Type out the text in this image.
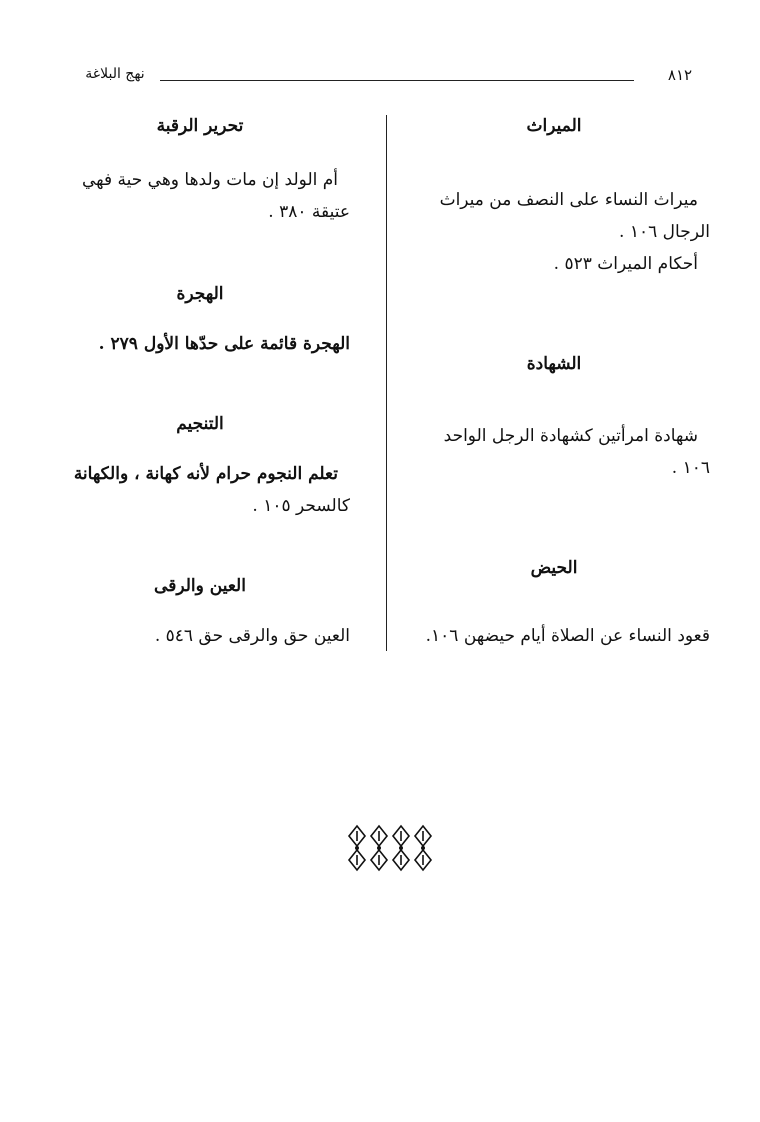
٨١٢
نهج البلاغة
الميراث
ميراث النساء على النصف من ميراث
الرجال ١٠٦ .
أحكام الميراث ٥٢٣ .
الشهادة
شهادة امرأتين كشهادة الرجل الواحد
١٠٦ .
الحيض
قعود النساء عن الصلاة أيام حيضهن ١٠٦.
تحرير الرقبة
أم الولد إن مات ولدها وهي حية فهي
عتيقة ٣٨٠ .
الهجرة
الهجرة قائمة على حدّها الأول ٢٧٩ .
التنجيم
تعلم النجوم حرام لأنه كهانة ، والكهانة
كالسحر ١٠٥ .
العين والرقى
العين حق والرقى حق ٥٤٦ .
